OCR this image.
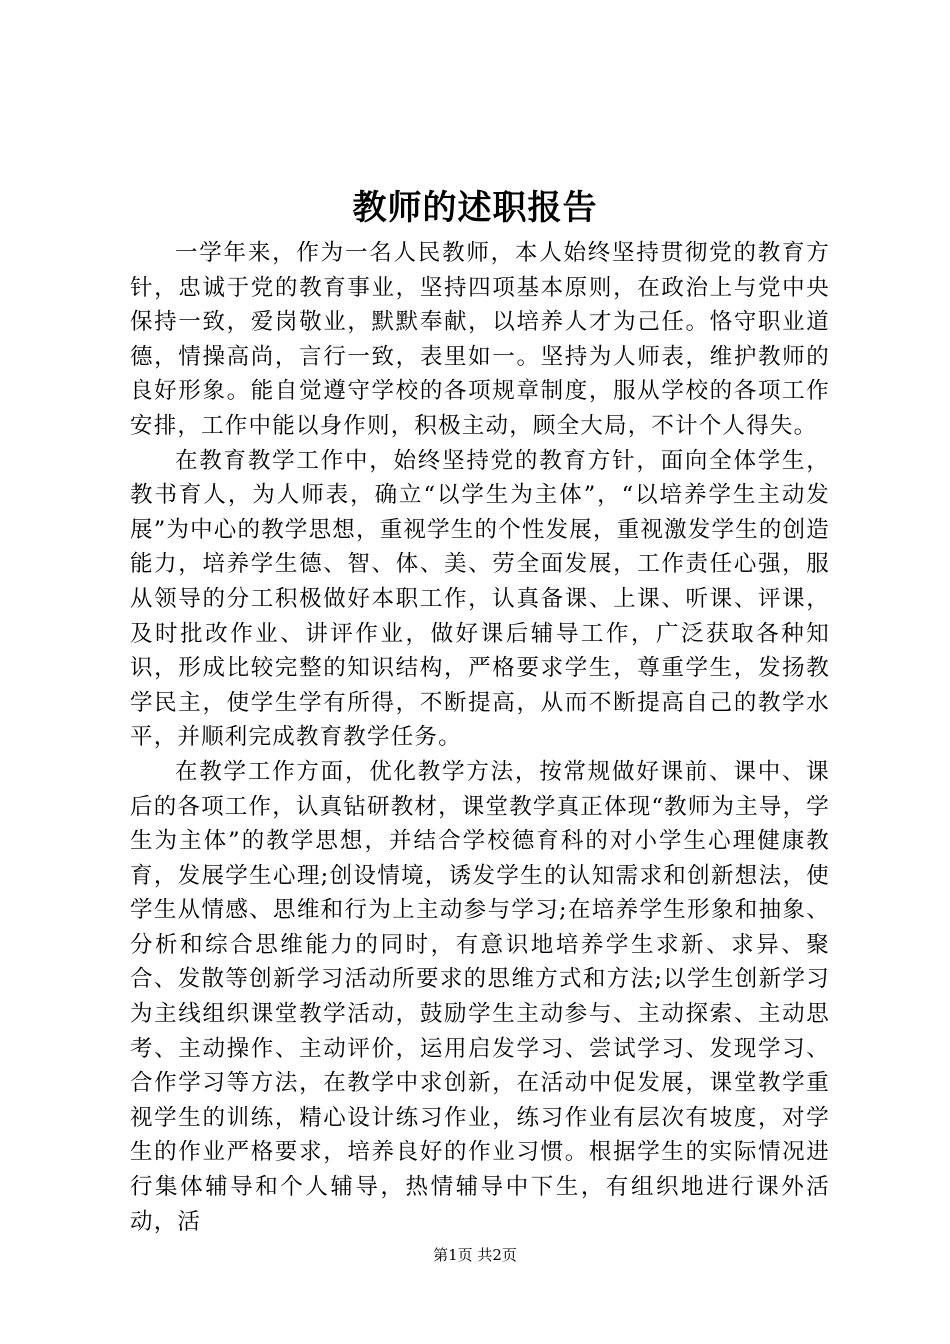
教师的述职报告

一学年来，作为一名人民教师，本人始终坚持贯彻党的教育方针，忠诚于党的教育事业，坚持四项基本原则，在政治上与党中央保持一致，爱岗敬业，默默奉献，以培养人才为己任。恪守职业道德，情操高尚，言行一致，表里如一。坚持为人师表，维护教师的良好形象。能自觉遵守学校的各项规章制度，服从学校的各项工作安排，工作中能以身作则，积极主动，顾全大局，不计个人得失。

在教育教学工作中，始终坚持党的教育方针，面向全体学生，教书育人，为人师表，确立“以学生为主体”，“以培养学生主动发展”为中心的教学思想，重视学生的个性发展，重视激发学生的创造能力，培养学生德、智、体、美、劳全面发展，工作责任心强，服从领导的分工积极做好本职工作，认真备课、上课、听课、评课，及时批改作业、讲评作业，做好课后辅导工作，广泛获取各种知识，形成比较完整的知识结构，严格要求学生，尊重学生，发扬教学民主，使学生学有所得，不断提高，从而不断提高自己的教学水平，并顺利完成教育教学任务。

在教学工作方面，优化教学方法，按常规做好课前、课中、课后的各项工作，认真钻研教材，课堂教学真正体现“教师为主导，学生为主体”的教学思想，并结合学校德育科的对小学生心理健康教育，发展学生心理;创设情境，诱发学生的认知需求和创新想法，使学生从情感、思维和行为上主动参与学习;在培养学生形象和抽象、分析和综合思维能力的同时，有意识地培养学生求新、求异、聚合、发散等创新学习活动所要求的思维方式和方法;以学生创新学习为主线组织课堂教学活动，鼓励学生主动参与、主动探索、主动思考、主动操作、主动评价，运用启发学习、尝试学习、发现学习、合作学习等方法，在教学中求创新，在活动中促发展，课堂教学重视学生的训练，精心设计练习作业，练习作业有层次有坡度，对学生的作业严格要求，培养良好的作业习惯。根据学生的实际情况进行集体辅导和个人辅导，热情辅导中下生，有组织地进行课外活动，活

第1页 共2页
